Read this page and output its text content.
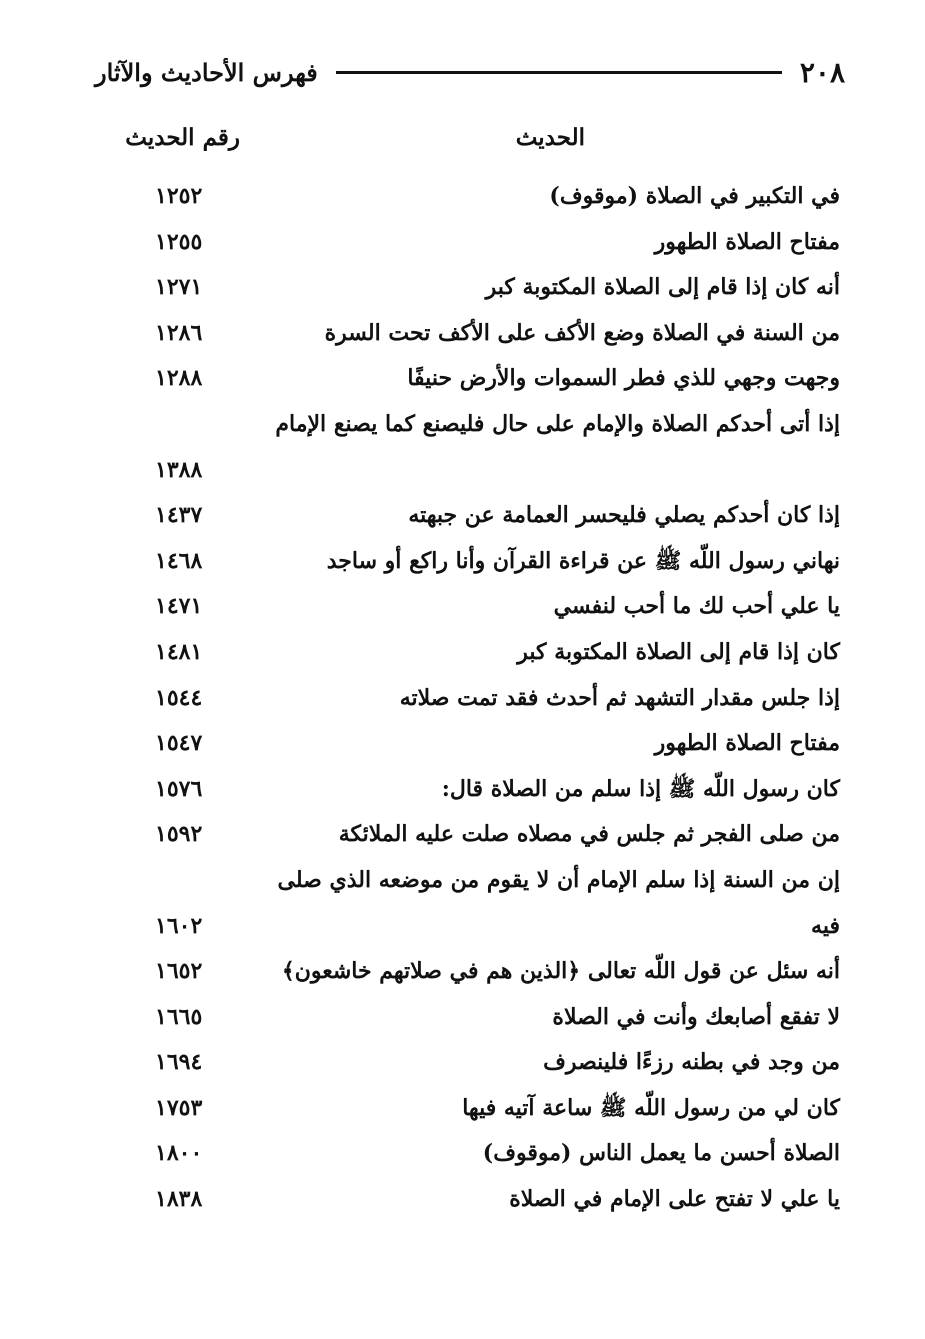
٢٠٨
فهرس الأحاديث والآثار
الحديث
رقم الحديث
في التكبير في الصلاة (موقوف)
١٢٥٢
مفتاح الصلاة الطهور
١٢٥٥
أنه كان إذا قام إلى الصلاة المكتوبة كبر
١٢٧١
من السنة في الصلاة وضع الأكف على الأكف تحت السرة
١٢٨٦
وجهت وجهي للذي فطر السموات والأرض حنيفًا
١٢٨٨
إذا أتى أحدكم الصلاة والإمام على حال فليصنع كما يصنع الإمام
١٣٨٨
إذا كان أحدكم يصلي فليحسر العمامة عن جبهته
١٤٣٧
نهاني رسول اللّه ﷺ عن قراءة القرآن وأنا راكع أو ساجد
١٤٦٨
يا علي أحب لك ما أحب لنفسي
١٤٧١
كان إذا قام إلى الصلاة المكتوبة كبر
١٤٨١
إذا جلس مقدار التشهد ثم أحدث فقد تمت صلاته
١٥٤٤
مفتاح الصلاة الطهور
١٥٤٧
كان رسول اللّه ﷺ إذا سلم من الصلاة قال:
١٥٧٦
من صلى الفجر ثم جلس في مصلاه صلت عليه الملائكة
١٥٩٢
إن من السنة إذا سلم الإمام أن لا يقوم من موضعه الذي صلى فيه
١٦٠٢
أنه سئل عن قول اللّه تعالى ﴿الذين هم في صلاتهم خاشعون﴾
١٦٥٢
لا تفقع أصابعك وأنت في الصلاة
١٦٦٥
من وجد في بطنه رزءًا فلينصرف
١٦٩٤
كان لي من رسول اللّه ﷺ ساعة آتيه فيها
١٧٥٣
الصلاة أحسن ما يعمل الناس (موقوف)
١٨٠٠
يا علي لا تفتح على الإمام في الصلاة
١٨٣٨
